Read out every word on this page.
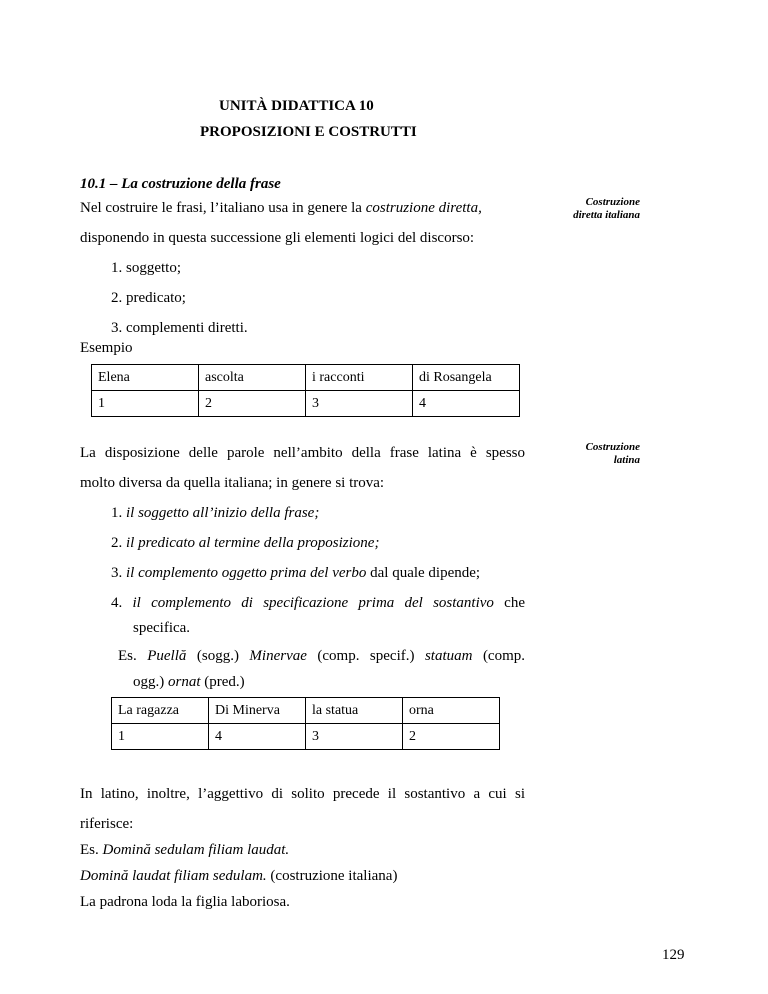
UNITÀ DIDATTICA 10
PROPOSIZIONI E COSTRUTTI
10.1 – La costruzione della frase
Costruzione
diretta italiana
Nel costruire le frasi, l’italiano usa in genere la costruzione diretta,
disponendo in questa successione gli elementi logici del discorso:
1. soggetto;
2. predicato;
3. complementi diretti.
Esempio
Elena	ascolta	i racconti	di Rosangela
1	2	3	4
Costruzione
latina
La disposizione delle parole nell’ambito della frase latina è spesso
molto diversa da quella italiana; in genere si trova:
1. il soggetto all’inizio della frase;
2. il predicato al termine della proposizione;
3. il complemento oggetto prima del verbo dal quale dipende;
4. il complemento di specificazione prima del sostantivo che
specifica.
Es. Puellă (sogg.) Minervae (comp. specif.) statuam (comp.
ogg.) ornat (pred.)
La ragazza	Di Minerva	la statua	orna
1	4	3	2
In latino, inoltre, l’aggettivo di solito precede il sostantivo a cui si
riferisce:
Es. Domină sedulam filiam laudat.
Domină laudat filiam sedulam. (costruzione italiana)
La padrona loda la figlia laboriosa.
129
